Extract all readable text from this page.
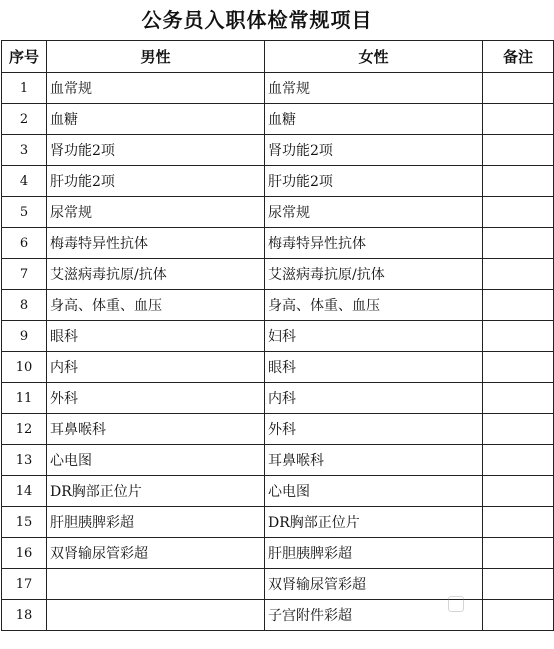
公务员入职体检常规项目
序号	男性	女性	备注
1	血常规	血常规	
2	血糖	血糖	
3	肾功能2项	肾功能2项	
4	肝功能2项	肝功能2项	
5	尿常规	尿常规	
6	梅毒特异性抗体	梅毒特异性抗体	
7	艾滋病毒抗原/抗体	艾滋病毒抗原/抗体	
8	身高、体重、血压	身高、体重、血压	
9	眼科	妇科	
10	内科	眼科	
11	外科	内科	
12	耳鼻喉科	外科	
13	心电图	耳鼻喉科	
14	DR胸部正位片	心电图	
15	肝胆胰脾彩超	DR胸部正位片	
16	双肾输尿管彩超	肝胆胰脾彩超	
17		双肾输尿管彩超	
18		子宫附件彩超	
